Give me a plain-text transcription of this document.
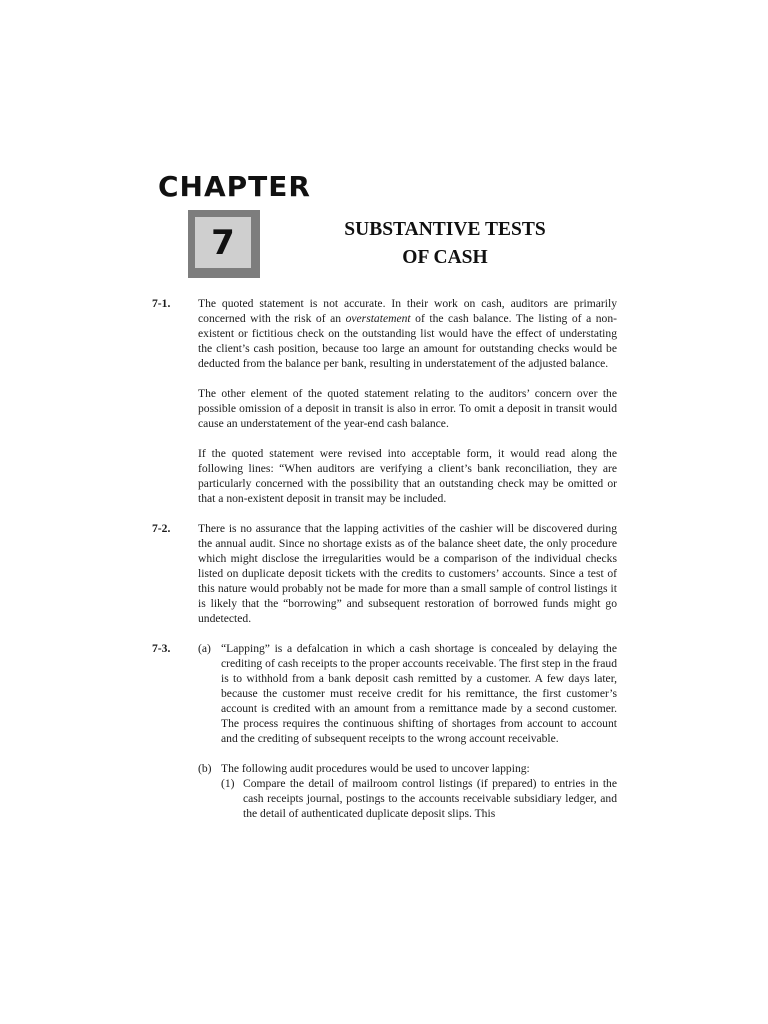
CHAPTER
7	SUBSTANTIVE TESTS
OF CASH
7-1. The quoted statement is not accurate. In their work on cash, auditors are primarily concerned with the risk of an overstatement of the cash balance. The listing of a non-existent or fictitious check on the outstanding list would have the effect of understating the client’s cash position, because too large an amount for outstanding checks would be deducted from the balance per bank, resulting in understatement of the adjusted balance.

The other element of the quoted statement relating to the auditors’ concern over the possible omission of a deposit in transit is also in error. To omit a deposit in transit would cause an understatement of the year-end cash balance.

If the quoted statement were revised into acceptable form, it would read along the following lines: “When auditors are verifying a client’s bank reconciliation, they are particularly concerned with the possibility that an outstanding check may be omitted or that a non-existent deposit in transit may be included.

7-2. There is no assurance that the lapping activities of the cashier will be discovered during the annual audit. Since no shortage exists as of the balance sheet date, the only procedure which might disclose the irregularities would be a comparison of the individual checks listed on duplicate deposit tickets with the credits to customers’ accounts. Since a test of this nature would probably not be made for more than a small sample of control listings it is likely that the “borrowing” and subsequent restoration of borrowed funds might go undetected.

7-3. (a) “Lapping” is a defalcation in which a cash shortage is concealed by delaying the crediting of cash receipts to the proper accounts receivable. The first step in the fraud is to withhold from a bank deposit cash remitted by a customer. A few days later, because the customer must receive credit for his remittance, the first customer’s account is credited with an amount from a remittance made by a second customer. The process requires the continuous shifting of shortages from account to account and the crediting of subsequent receipts to the wrong account receivable.
(b) The following audit procedures would be used to uncover lapping:
(1) Compare the detail of mailroom control listings (if prepared) to entries in the cash receipts journal, postings to the accounts receivable subsidiary ledger, and the detail of authenticated duplicate deposit slips. This
